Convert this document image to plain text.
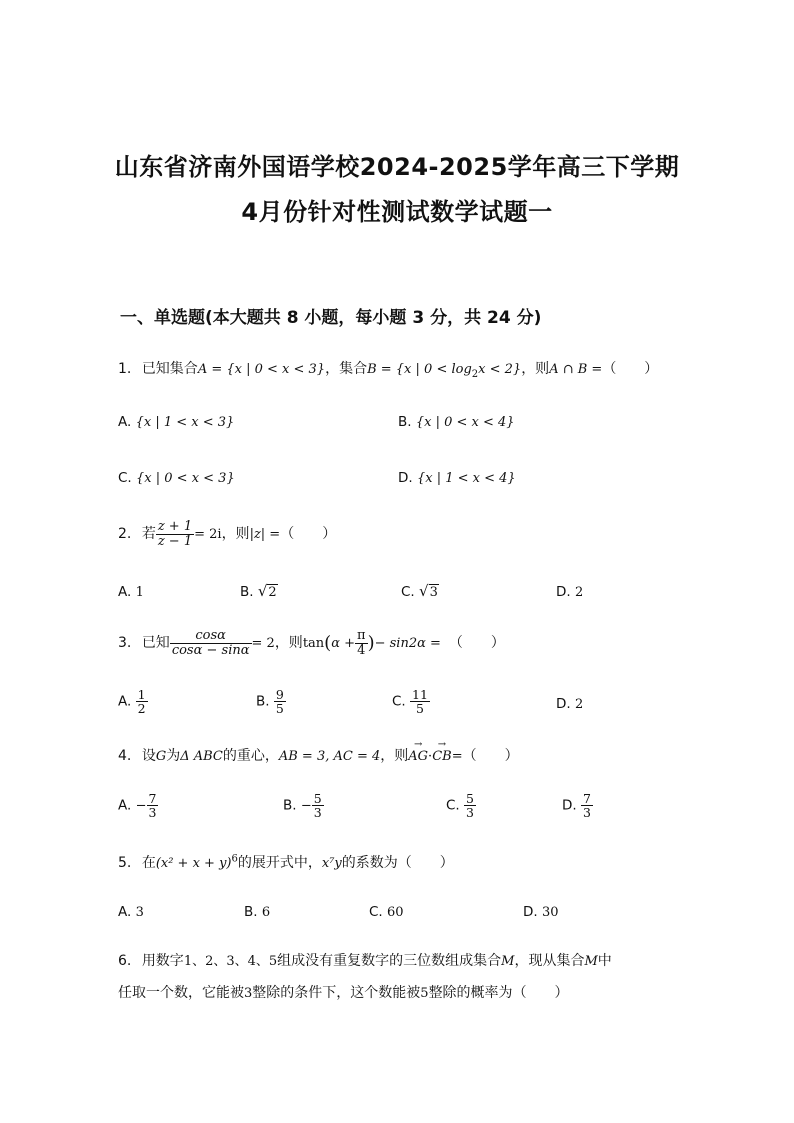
山东省济南外国语学校2024-2025学年高三下学期
4月份针对性测试数学试题一
一、单选题(本大题共 8 小题，每小题 3 分，共 24 分)
1. 已知集合A = {x | 0 < x < 3}，集合B = {x | $0 < \log_2x < 2$}，则A ∩ B =（　　）
A. {x | 1 < x < 3}	B. {x | 0 < x < 4}
C. {x | 0 < x < 3}	D. {x | 1 < x < 4}
2. 若 $\frac{z + 1}{z - 1} = 2i$，则|z| =（　　）
A. 1	B. √2	C. √3	D. 2
3. 已知 $\frac{\cos\alpha}{\cos\alpha - \sin\alpha} = 2$，则$\tan(\alpha + \frac{\pi}{4}$ )− sin2α = （　　）
A. $\frac{1}{2}$	B. $\frac{9}{5}$	C. $\frac{11}{5}$	D. 2
4. 设G为Δ ABC的重心，AB = 3, AC = 4，则→ AG·→ CB=（　　）
A. − $\frac{7}{3}$	B. − $\frac{5}{3}$	C. $\frac{5}{3}$	D. $\frac{7}{3}$
5. 在$(x^2 + x + y)^6$的展开式中，x⁷y的系数为（　　）
A. 3	B. 6	C. 60	D. 30
6. 用数字1、2、3、4、5组成没有重复数字的三位数组成集合M，现从集合M中
任取一个数，它能被3整除的条件下，这个数能被5整除的概率为（　　）
